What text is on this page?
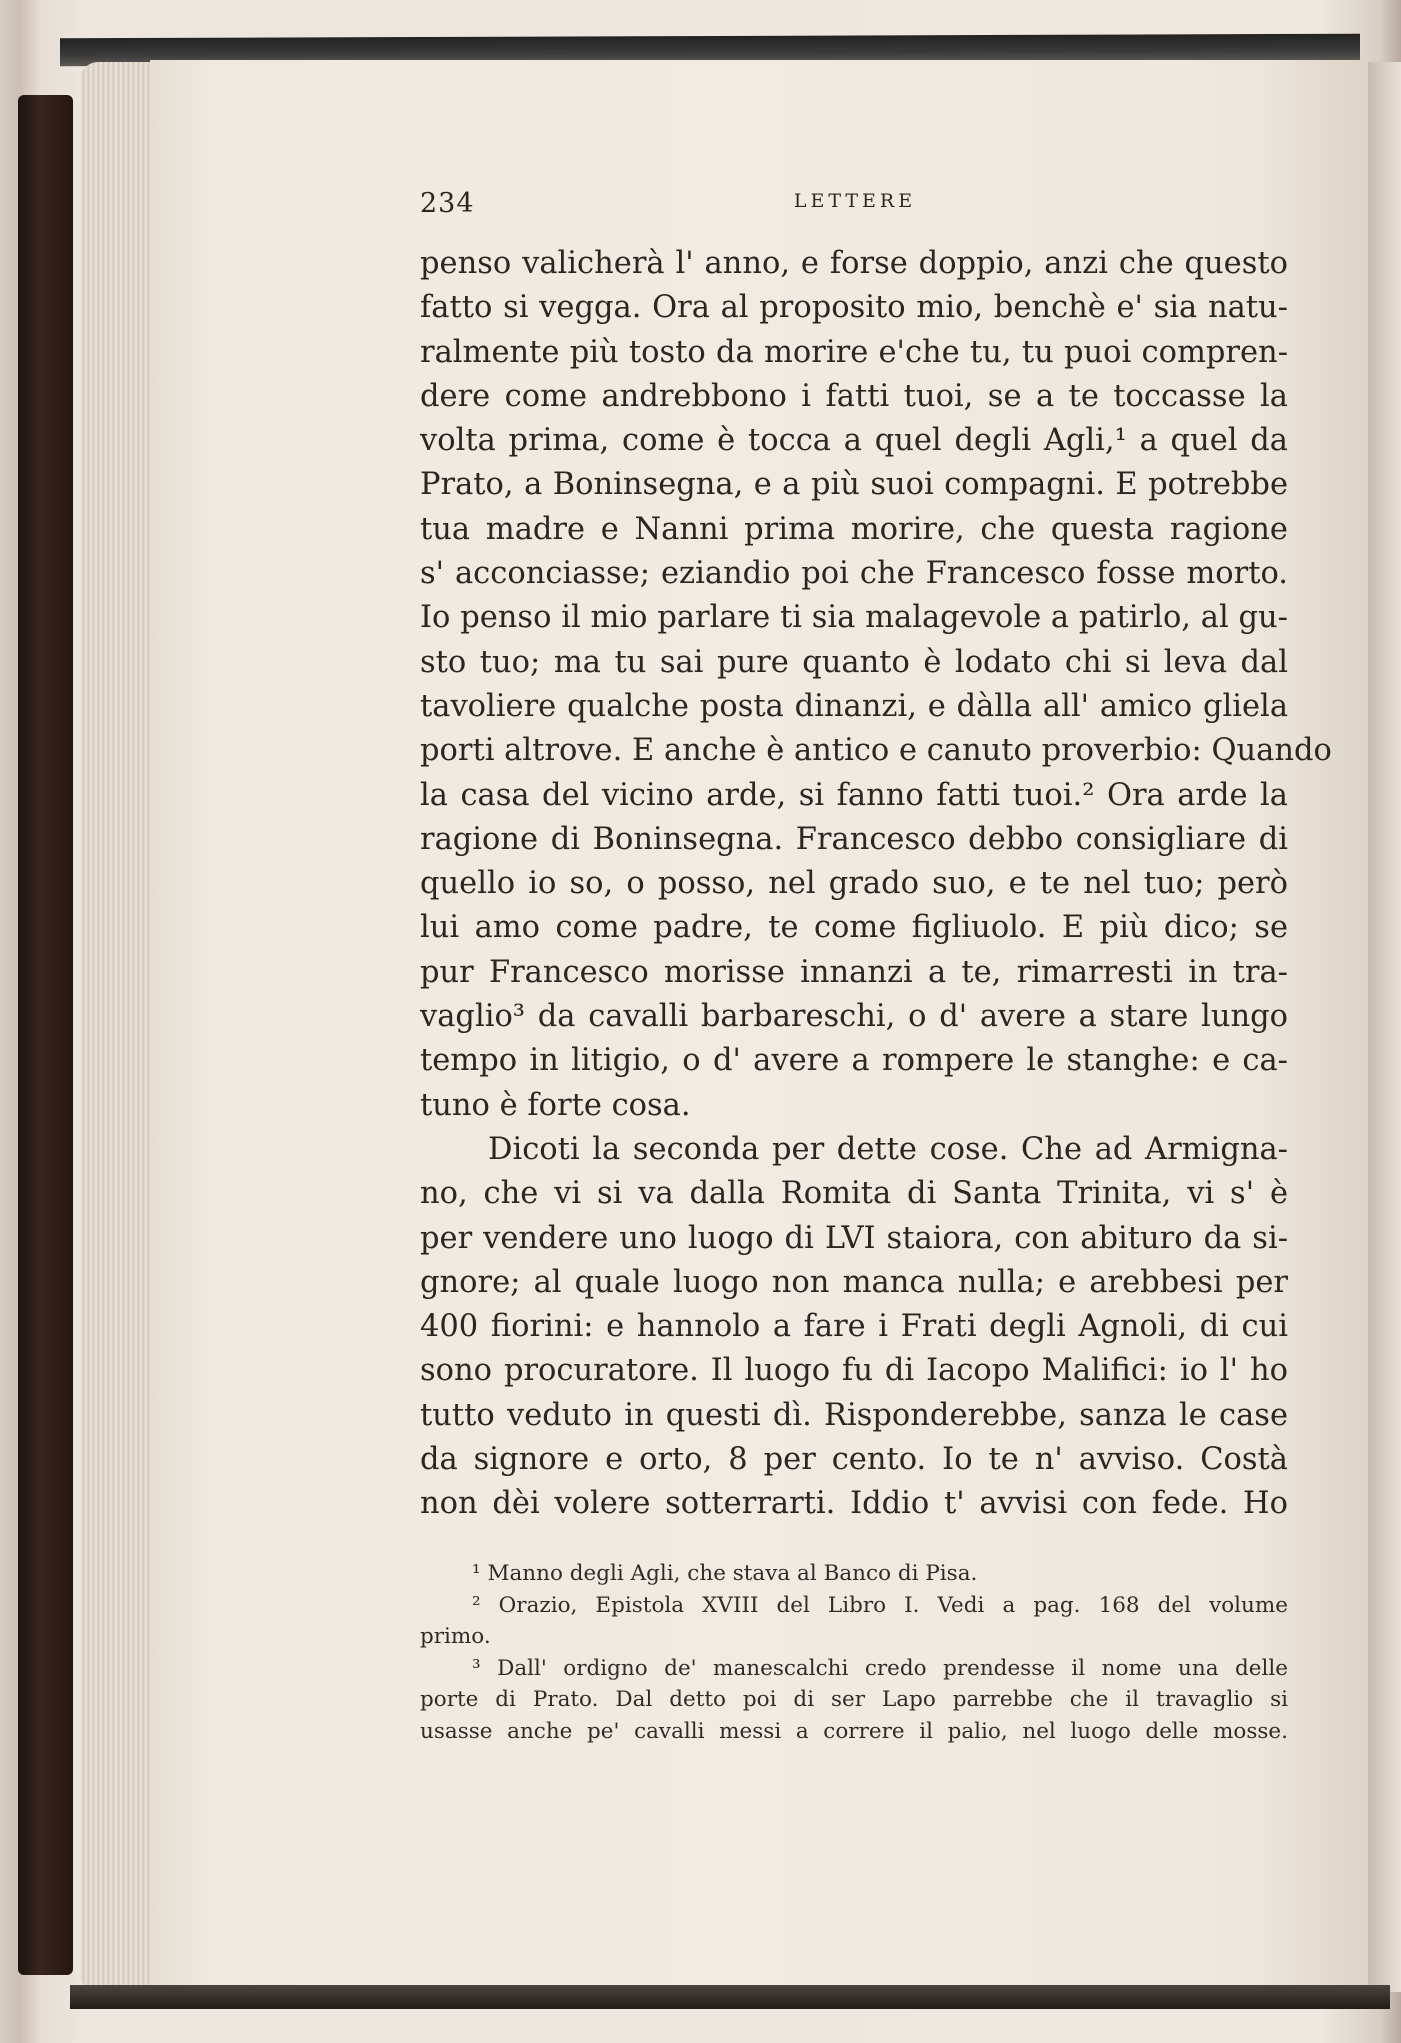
234	LETTERE
penso valicherà l' anno, e forse doppio, anzi che questo
fatto si vegga. Ora al proposito mio, benchè e' sia natu-
ralmente più tosto da morire e'che tu, tu puoi compren-
dere come andrebbono i fatti tuoi, se a te toccasse la
volta prima, come è tocca a quel degli Agli,¹ a quel da
Prato, a Boninsegna, e a più suoi compagni. E potrebbe
tua madre e Nanni prima morire, che questa ragione
s' acconciasse; eziandio poi che Francesco fosse morto.
Io penso il mio parlare ti sia malagevole a patirlo, al gu-
sto tuo; ma tu sai pure quanto è lodato chi si leva dal
tavoliere qualche posta dinanzi, e dàlla all' amico gliela
porti altrove. E anche è antico e canuto proverbio: Quando
la casa del vicino arde, si fanno fatti tuoi.² Ora arde la
ragione di Boninsegna. Francesco debbo consigliare di
quello io so, o posso, nel grado suo, e te nel tuo; però
lui amo come padre, te come figliuolo. E più dico; se
pur Francesco morisse innanzi a te, rimarresti in tra-
vaglio³ da cavalli barbareschi, o d' avere a stare lungo
tempo in litigio, o d' avere a rompere le stanghe: e ca-
tuno è forte cosa.
Dicoti la seconda per dette cose. Che ad Armigna-
no, che vi si va dalla Romita di Santa Trinita, vi s' è
per vendere uno luogo di LVI staiora, con abituro da si-
gnore; al quale luogo non manca nulla; e arebbesi per
400 fiorini: e hannolo a fare i Frati degli Agnoli, di cui
sono procuratore. Il luogo fu di Iacopo Malifici: io l' ho
tutto veduto in questi dì. Risponderebbe, sanza le case
da signore e orto, 8 per cento. Io te n' avviso. Costà
non dèi volere sotterrarti. Iddio t' avvisi con fede. Ho
¹ Manno degli Agli, che stava al Banco di Pisa.
² Orazio, Epistola XVIII del Libro I. Vedi a pag. 168 del volume
primo.
³ Dall' ordigno de' manescalchi credo prendesse il nome una delle
porte di Prato. Dal detto poi di ser Lapo parrebbe che il travaglio si
usasse anche pe' cavalli messi a correre il palio, nel luogo delle mosse.
